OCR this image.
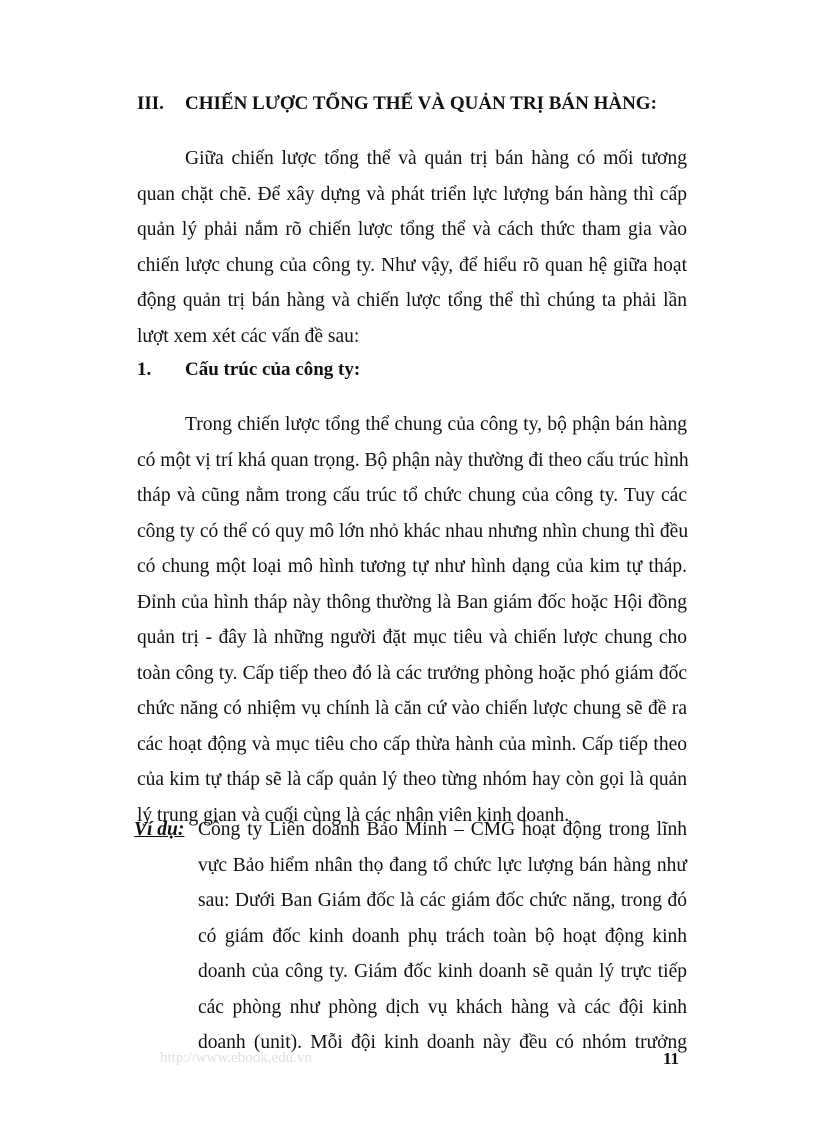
III. CHIẾN LƯỢC TỔNG THỂ VÀ QUẢN TRỊ BÁN HÀNG:
Giữa chiến lược tổng thể và quản trị bán hàng có mối tương
quan chặt chẽ. Để xây dựng và phát triển lực lượng bán hàng thì cấp
quản lý phải nắm rõ chiến lược tổng thể và cách thức tham gia vào
chiến lược chung của công ty. Như vậy, để hiểu rõ quan hệ giữa hoạt
động quản trị bán hàng và chiến lược tổng thể thì chúng ta phải lần
lượt xem xét các vấn đề sau:
1. Cấu trúc của công ty:
Trong chiến lược tổng thể chung của công ty, bộ phận bán hàng
có một vị trí khá quan trọng. Bộ phận này thường đi theo cấu trúc hình
tháp và cũng nằm trong cấu trúc tổ chức chung của công ty. Tuy các
công ty có thể có quy mô lớn nhỏ khác nhau nhưng nhìn chung thì đều
có chung một loại mô hình tương tự như hình dạng của kim tự tháp.
Đỉnh của hình tháp này thông thường là Ban giám đốc hoặc Hội đồng
quản trị - đây là những người đặt mục tiêu và chiến lược chung cho
toàn công ty. Cấp tiếp theo đó là các trưởng phòng hoặc phó giám đốc
chức năng có nhiệm vụ chính là căn cứ vào chiến lược chung sẽ đề ra
các hoạt động và mục tiêu cho cấp thừa hành của mình. Cấp tiếp theo
của kim tự tháp sẽ là cấp quản lý theo từng nhóm hay còn gọi là quản
lý trung gian và cuối cùng là các nhân viên kinh doanh.
Ví dụ: Công ty Liên doanh Bảo Minh – CMG hoạt động trong lĩnh
vực Bảo hiểm nhân thọ đang tổ chức lực lượng bán hàng như
sau: Dưới Ban Giám đốc là các giám đốc chức năng, trong đó
có giám đốc kinh doanh phụ trách toàn bộ hoạt động kinh
doanh của công ty. Giám đốc kinh doanh sẽ quản lý trực tiếp
các phòng như phòng dịch vụ khách hàng và các đội kinh
doanh (unit). Mỗi đội kinh doanh này đều có nhóm trưởng
http://www.ebook.edu.vn	11
